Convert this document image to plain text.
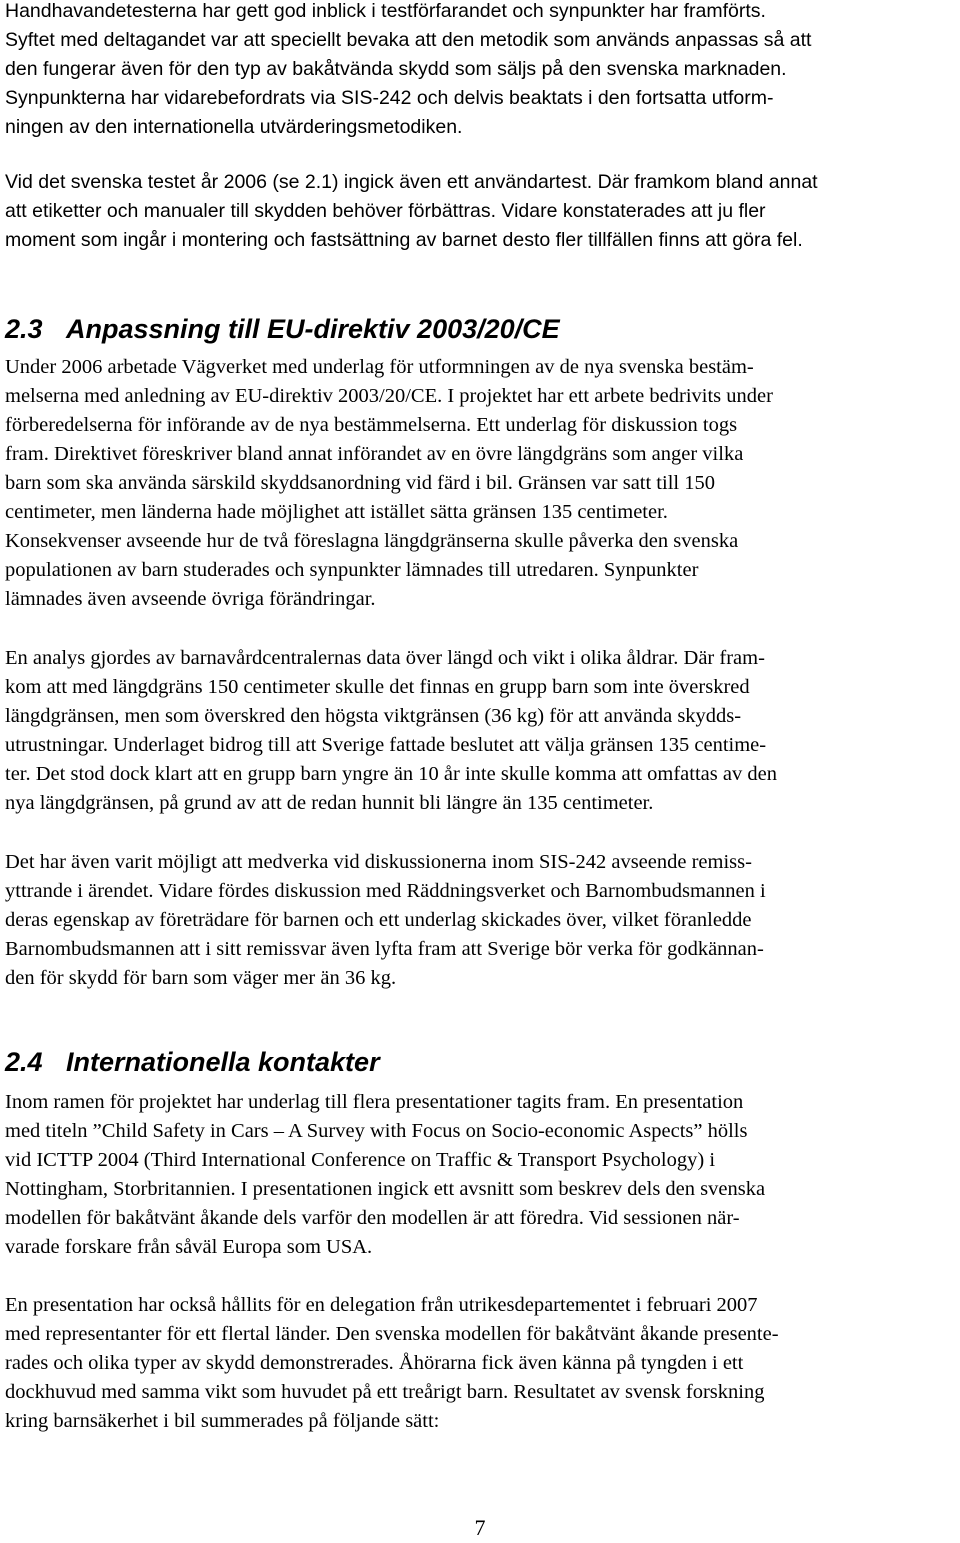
Handhavandetesterna har gett god inblick i testförfarandet och synpunkter har framförts.
Syftet med deltagandet var att speciellt bevaka att den metodik som används anpassas så att
den fungerar även för den typ av bakåtvända skydd som säljs på den svenska marknaden.
Synpunkterna har vidarebefordrats via SIS-242 och delvis beaktats i den fortsatta utform-
ningen av den internationella utvärderingsmetodiken.

Vid det svenska testet år 2006 (se 2.1) ingick även ett användartest. Där framkom bland annat
att etiketter och manualer till skydden behöver förbättras. Vidare konstaterades att ju fler
moment som ingår i montering och fastsättning av barnet desto fler tillfällen finns att göra fel.

2.3 Anpassning till EU-direktiv 2003/20/CE

Under 2006 arbetade Vägverket med underlag för utformningen av de nya svenska bestäm-
melserna med anledning av EU-direktiv 2003/20/CE. I projektet har ett arbete bedrivits under
förberedelserna för införande av de nya bestämmelserna. Ett underlag för diskussion togs
fram. Direktivet föreskriver bland annat införandet av en övre längdgräns som anger vilka
barn som ska använda särskild skyddsanordning vid färd i bil. Gränsen var satt till 150
centimeter, men länderna hade möjlighet att istället sätta gränsen 135 centimeter.
Konsekvenser avseende hur de två föreslagna längdgränserna skulle påverka den svenska
populationen av barn studerades och synpunkter lämnades till utredaren. Synpunkter
lämnades även avseende övriga förändringar.

En analys gjordes av barnavårdcentralernas data över längd och vikt i olika åldrar. Där fram-
kom att med längdgräns 150 centimeter skulle det finnas en grupp barn som inte överskred
längdgränsen, men som överskred den högsta viktgränsen (36 kg) för att använda skydds-
utrustningar. Underlaget bidrog till att Sverige fattade beslutet att välja gränsen 135 centime-
ter. Det stod dock klart att en grupp barn yngre än 10 år inte skulle komma att omfattas av den
nya längdgränsen, på grund av att de redan hunnit bli längre än 135 centimeter.

Det har även varit möjligt att medverka vid diskussionerna inom SIS-242 avseende remiss-
yttrande i ärendet. Vidare fördes diskussion med Räddningsverket och Barnombudsmannen i
deras egenskap av företrädare för barnen och ett underlag skickades över, vilket föranledde
Barnombudsmannen att i sitt remissvar även lyfta fram att Sverige bör verka för godkännan-
den för skydd för barn som väger mer än 36 kg.

2.4 Internationella kontakter

Inom ramen för projektet har underlag till flera presentationer tagits fram. En presentation
med titeln ”Child Safety in Cars – A Survey with Focus on Socio-economic Aspects” hölls
vid ICTTP 2004 (Third International Conference on Traffic & Transport Psychology) i
Nottingham, Storbritannien. I presentationen ingick ett avsnitt som beskrev dels den svenska
modellen för bakåtvänt åkande dels varför den modellen är att föredra. Vid sessionen när-
varade forskare från såväl Europa som USA.

En presentation har också hållits för en delegation från utrikesdepartementet i februari 2007
med representanter för ett flertal länder. Den svenska modellen för bakåtvänt åkande presente-
rades och olika typer av skydd demonstrerades. Åhörarna fick även känna på tyngden i ett
dockhuvud med samma vikt som huvudet på ett treårigt barn. Resultatet av svensk forskning
kring barnsäkerhet i bil summerades på följande sätt:

7
